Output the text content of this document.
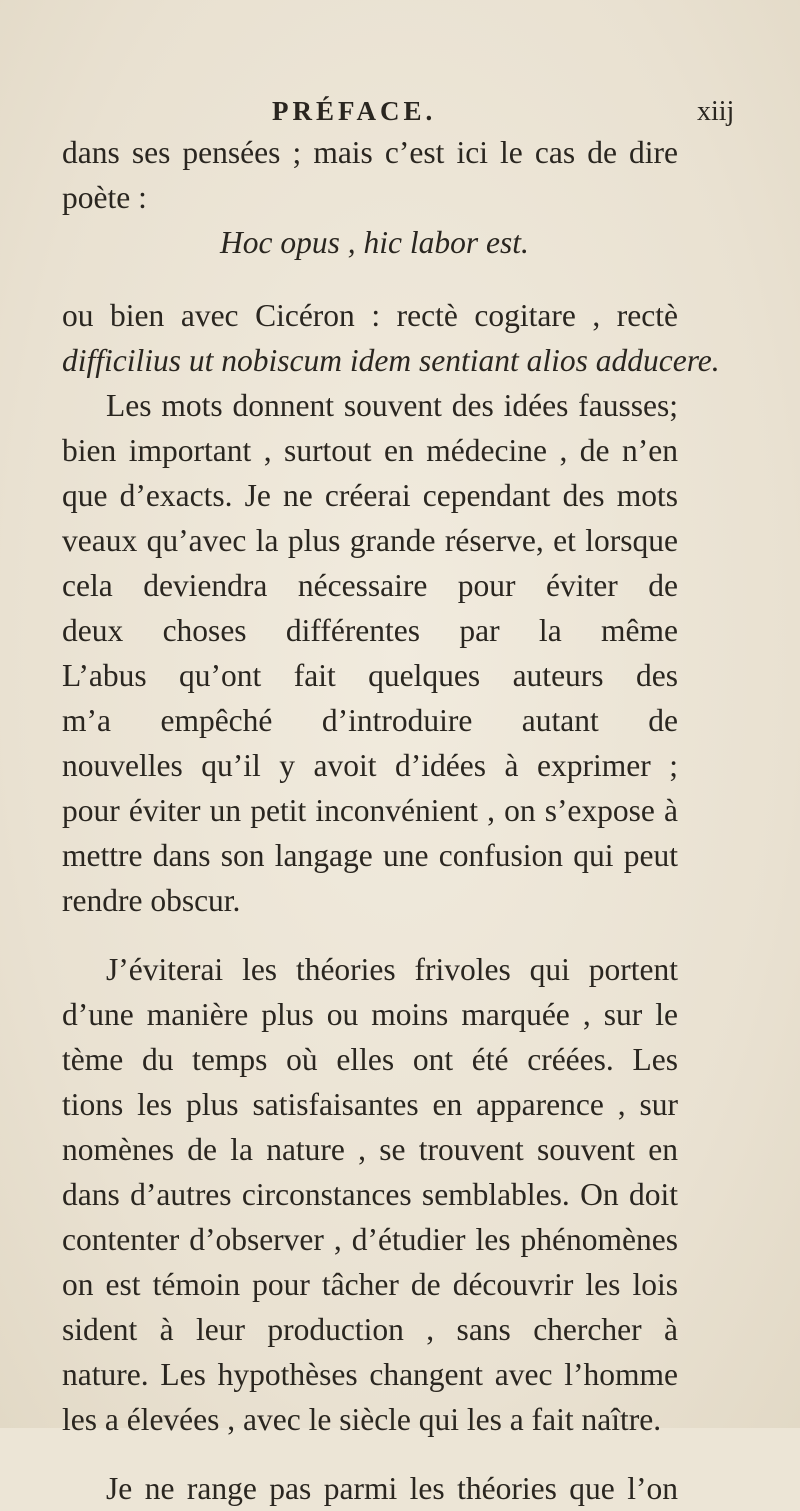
PRÉFACE.	xiij
dans ses pensées ; mais c’est ici le cas de dire
poète :
Hoc opus , hic labor est.
ou bien avec Cicéron : rectè cogitare , rectè
difficilius ut nobiscum idem sentiant alios adducere.
Les mots donnent souvent des idées fausses;
bien important , surtout en médecine , de n’en
que d’exacts. Je ne créerai cependant des mots
veaux qu’avec la plus grande réserve, et lorsque
cela deviendra nécessaire pour éviter de
deux choses différentes par la même
L’abus qu’ont fait quelques auteurs des
m’a empêché d’introduire autant de
nouvelles qu’il y avoit d’idées à exprimer ;
pour éviter un petit inconvénient , on s’expose à
mettre dans son langage une confusion qui peut
rendre obscur.
J’éviterai les théories frivoles qui portent
d’une manière plus ou moins marquée , sur le
tème du temps où elles ont été créées. Les
tions les plus satisfaisantes en apparence , sur
nomènes de la nature , se trouvent souvent en
dans d’autres circonstances semblables. On doit
contenter d’observer , d’étudier les phénomènes
on est témoin pour tâcher de découvrir les lois
sident à leur production , sans chercher à
nature. Les hypothèses changent avec l’homme
les a élevées , avec le siècle qui les a fait naître.
Je ne range pas parmi les théories que l’on
